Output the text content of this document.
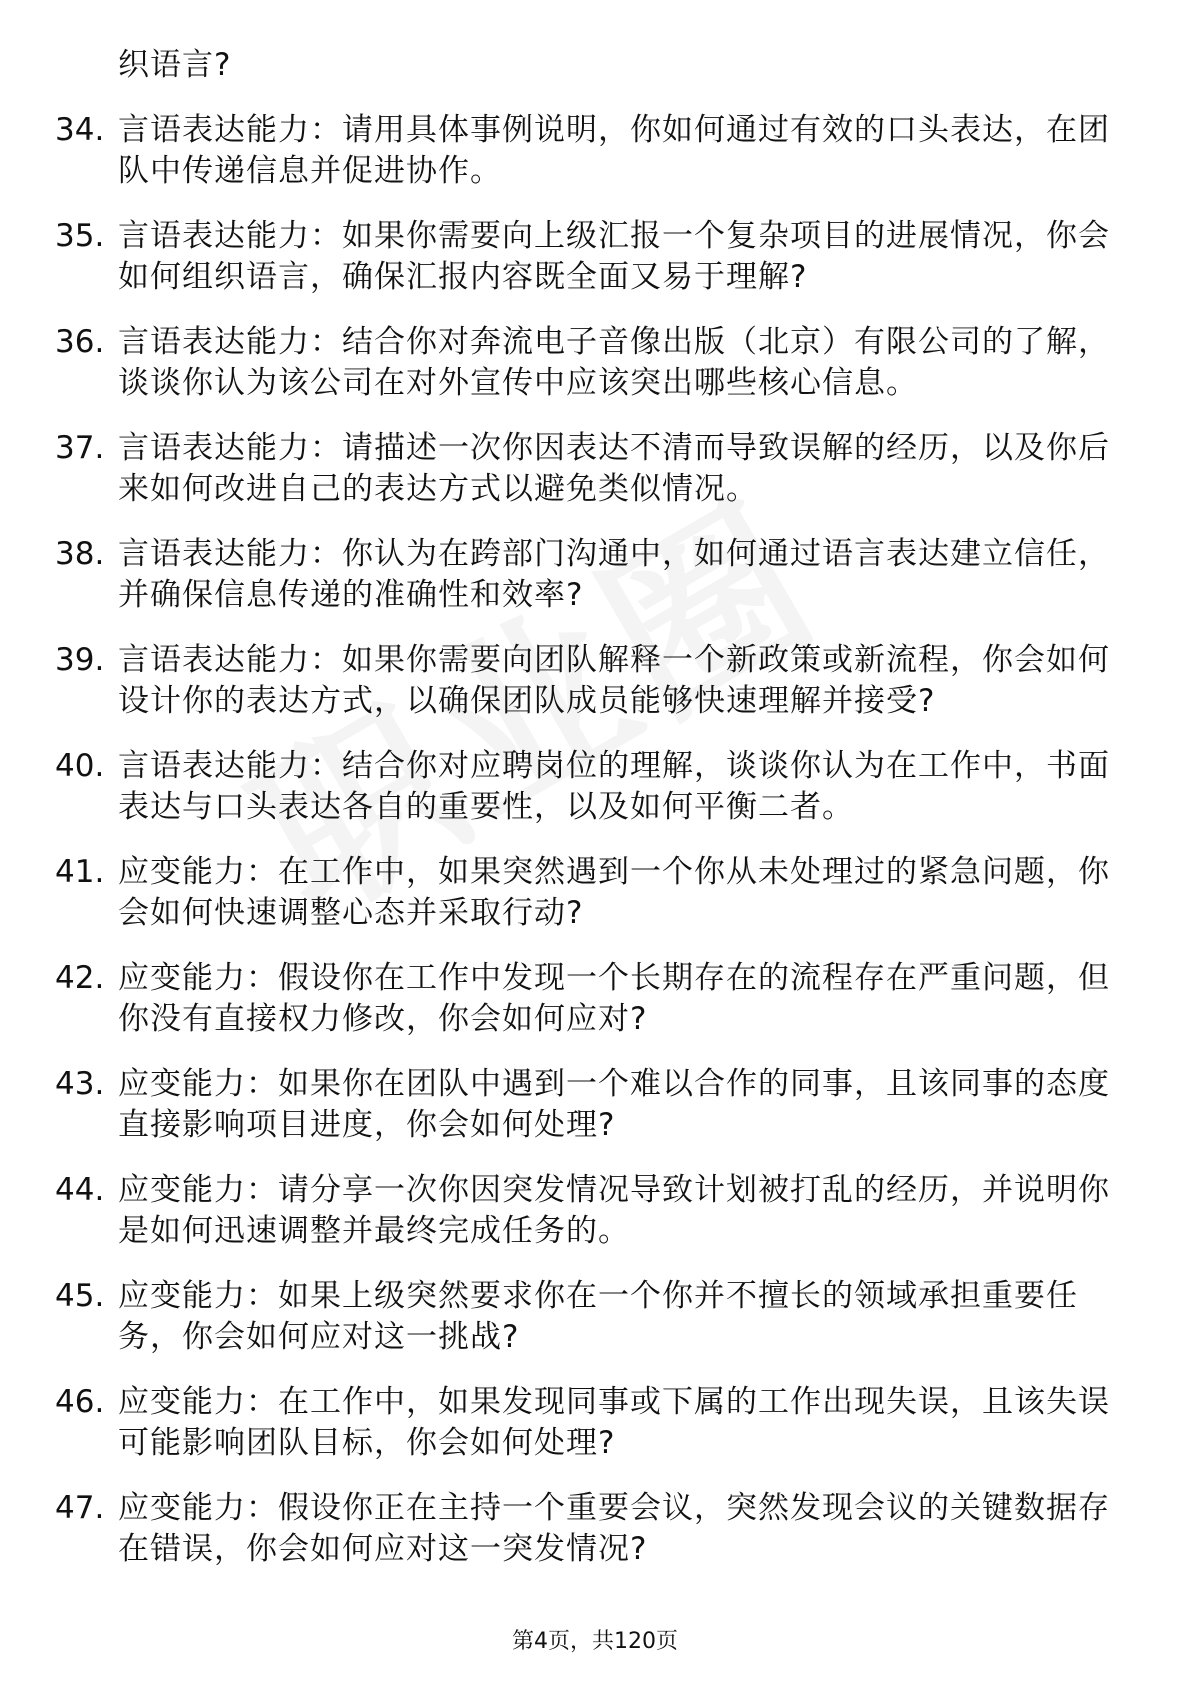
织语言?
34. 言语表达能力：请用具体事例说明，你如何通过有效的口头表达，在团队中传递信息并促进协作。
35. 言语表达能力：如果你需要向上级汇报一个复杂项目的进展情况，你会如何组织语言，确保汇报内容既全面又易于理解?
36. 言语表达能力：结合你对奔流电子音像出版（北京）有限公司的了解，谈谈你认为该公司在对外宣传中应该突出哪些核心信息。
37. 言语表达能力：请描述一次你因表达不清而导致误解的经历，以及你后来如何改进自己的表达方式以避免类似情况。
38. 言语表达能力：你认为在跨部门沟通中，如何通过语言表达建立信任，并确保信息传递的准确性和效率?
39. 言语表达能力：如果你需要向团队解释一个新政策或新流程，你会如何设计你的表达方式，以确保团队成员能够快速理解并接受?
40. 言语表达能力：结合你对应聘岗位的理解，谈谈你认为在工作中，书面表达与口头表达各自的重要性，以及如何平衡二者。
41. 应变能力：在工作中，如果突然遇到一个你从未处理过的紧急问题，你会如何快速调整心态并采取行动?
42. 应变能力：假设你在工作中发现一个长期存在的流程存在严重问题，但你没有直接权力修改，你会如何应对?
43. 应变能力：如果你在团队中遇到一个难以合作的同事，且该同事的态度直接影响项目进度，你会如何处理?
44. 应变能力：请分享一次你因突发情况导致计划被打乱的经历，并说明你是如何迅速调整并最终完成任务的。
45. 应变能力：如果上级突然要求你在一个你并不擅长的领域承担重要任务，你会如何应对这一挑战?
46. 应变能力：在工作中，如果发现同事或下属的工作出现失误，且该失误可能影响团队目标，你会如何处理?
47. 应变能力：假设你正在主持一个重要会议，突然发现会议的关键数据存在错误，你会如何应对这一突发情况?
第4页，共120页
